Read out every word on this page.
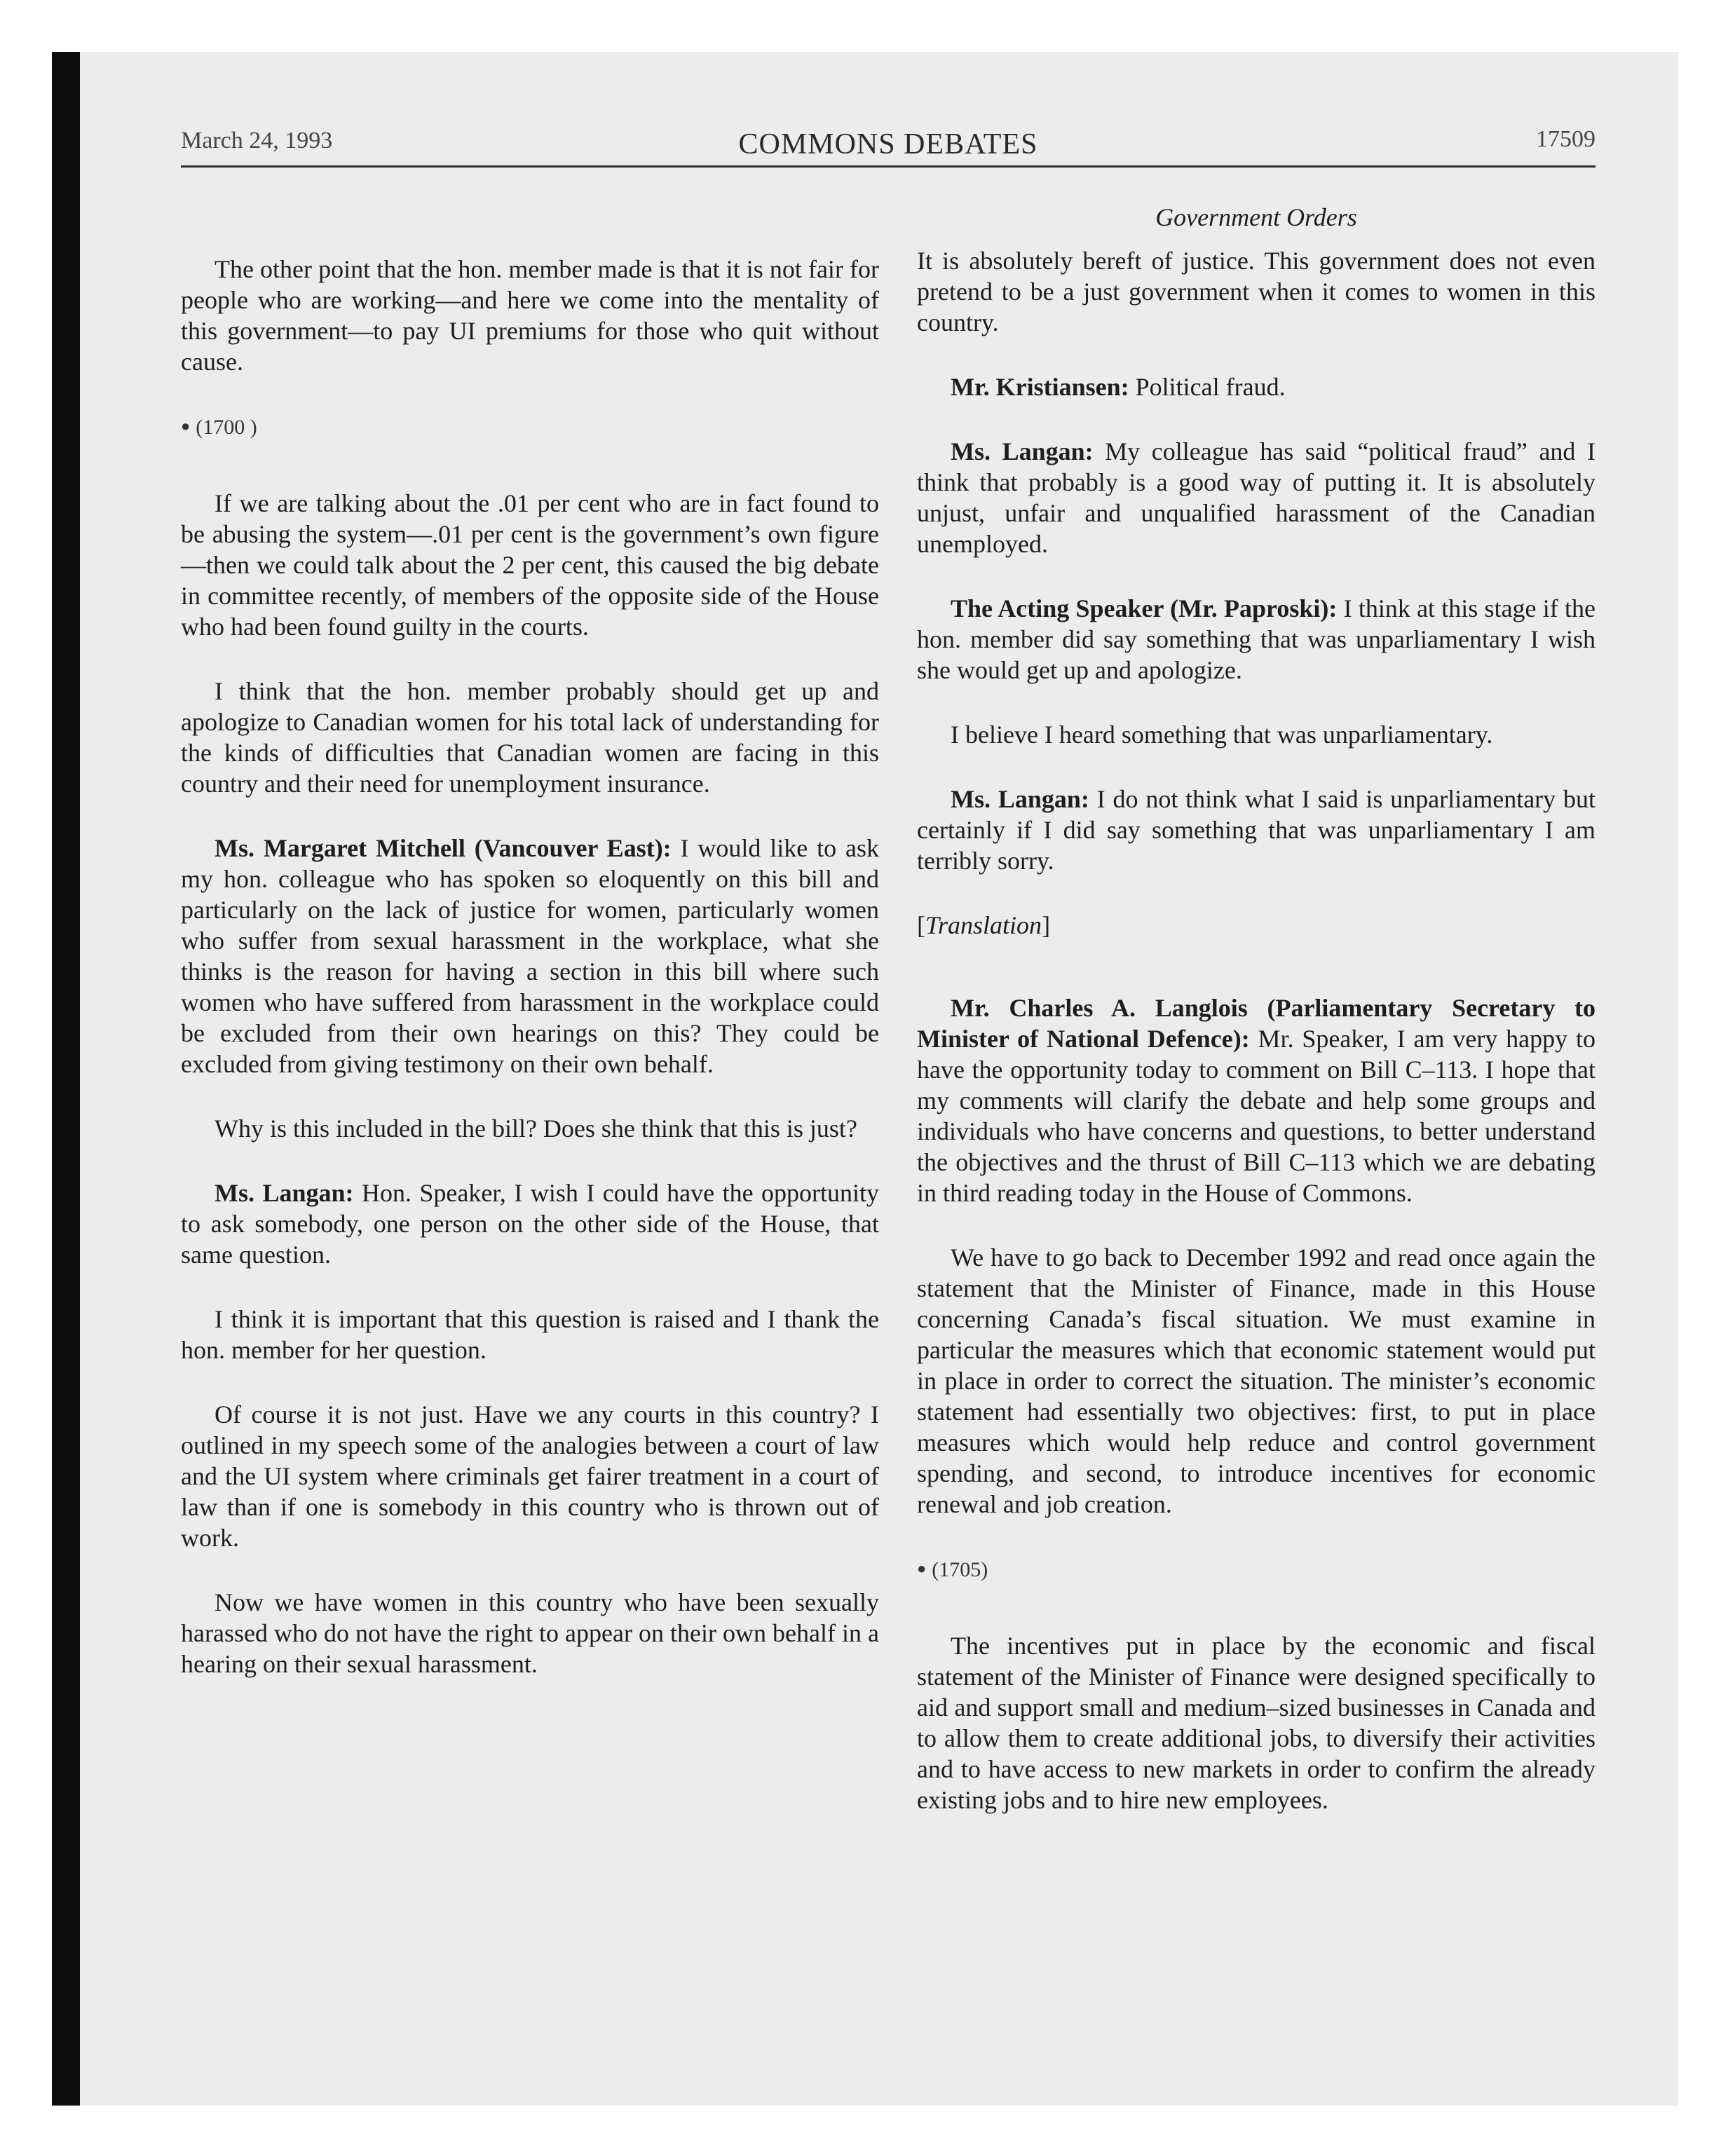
March 24, 1993	COMMONS DEBATES	17509

The other point that the hon. member made is that it is not fair for people who are working—and here we come into the mentality of this government—to pay UI premiums for those who quit without cause.

● (1700 )

If we are talking about the .01 per cent who are in fact found to be abusing the system—.01 per cent is the government’s own figure—then we could talk about the 2 per cent, this caused the big debate in committee recently, of members of the opposite side of the House who had been found guilty in the courts.

I think that the hon. member probably should get up and apologize to Canadian women for his total lack of understanding for the kinds of difficulties that Canadian women are facing in this country and their need for unemployment insurance.

Ms. Margaret Mitchell (Vancouver East): I would like to ask my hon. colleague who has spoken so eloquently on this bill and particularly on the lack of justice for women, particularly women who suffer from sexual harassment in the workplace, what she thinks is the reason for having a section in this bill where such women who have suffered from harassment in the workplace could be excluded from their own hearings on this? They could be excluded from giving testimony on their own behalf.

Why is this included in the bill? Does she think that this is just?

Ms. Langan: Hon. Speaker, I wish I could have the opportunity to ask somebody, one person on the other side of the House, that same question.

I think it is important that this question is raised and I thank the hon. member for her question.

Of course it is not just. Have we any courts in this country? I outlined in my speech some of the analogies between a court of law and the UI system where criminals get fairer treatment in a court of law than if one is somebody in this country who is thrown out of work.

Now we have women in this country who have been sexually harassed who do not have the right to appear on their own behalf in a hearing on their sexual harassment.

Government Orders

It is absolutely bereft of justice. This government does not even pretend to be a just government when it comes to women in this country.

Mr. Kristiansen: Political fraud.

Ms. Langan: My colleague has said “political fraud” and I think that probably is a good way of putting it. It is absolutely unjust, unfair and unqualified harassment of the Canadian unemployed.

The Acting Speaker (Mr. Paproski): I think at this stage if the hon. member did say something that was unparliamentary I wish she would get up and apologize.

I believe I heard something that was unparliamentary.

Ms. Langan: I do not think what I said is unparliamentary but certainly if I did say something that was unparliamentary I am terribly sorry.

[Translation]

Mr. Charles A. Langlois (Parliamentary Secretary to Minister of National Defence): Mr. Speaker, I am very happy to have the opportunity today to comment on Bill C–113. I hope that my comments will clarify the debate and help some groups and individuals who have concerns and questions, to better understand the objectives and the thrust of Bill C–113 which we are debating in third reading today in the House of Commons.

We have to go back to December 1992 and read once again the statement that the Minister of Finance, made in this House concerning Canada’s fiscal situation. We must examine in particular the measures which that economic statement would put in place in order to correct the situation. The minister’s economic statement had essentially two objectives: first, to put in place measures which would help reduce and control government spending, and second, to introduce incentives for economic renewal and job creation.

● (1705)

The incentives put in place by the economic and fiscal statement of the Minister of Finance were designed specifically to aid and support small and medium–sized businesses in Canada and to allow them to create additional jobs, to diversify their activities and to have access to new markets in order to confirm the already existing jobs and to hire new employees.
